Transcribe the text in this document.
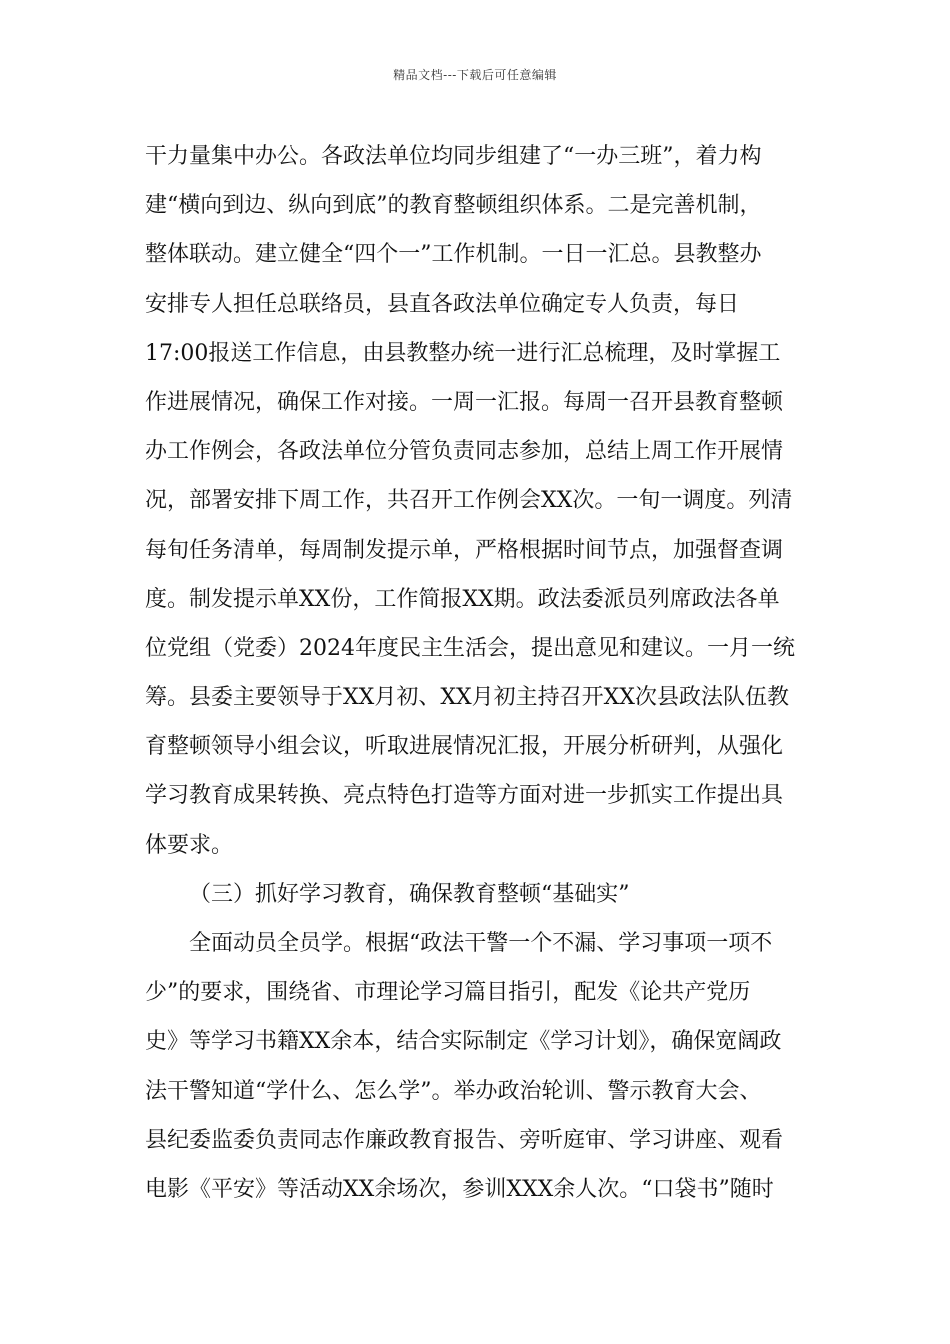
精品文档---下载后可任意编辑
干力量集中办公。各政法单位均同步组建了“一办三班”，着力构
建“横向到边、纵向到底”的教育整顿组织体系。二是完善机制，
整体联动。建立健全“四个一”工作机制。一日一汇总。县教整办
安排专人担任总联络员，县直各政法单位确定专人负责，每日
17:00报送工作信息，由县教整办统一进行汇总梳理，及时掌握工
作进展情况，确保工作对接。一周一汇报。每周一召开县教育整顿
办工作例会，各政法单位分管负责同志参加，总结上周工作开展情
况，部署安排下周工作，共召开工作例会XX次。一旬一调度。列清
每旬任务清单，每周制发提示单，严格根据时间节点，加强督查调
度。制发提示单XX份，工作简报XX期。政法委派员列席政法各单
位党组（党委）2024年度民主生活会，提出意见和建议。一月一统
筹。县委主要领导于XX月初、XX月初主持召开XX次县政法队伍教
育整顿领导小组会议，听取进展情况汇报，开展分析研判，从强化
学习教育成果转换、亮点特色打造等方面对进一步抓实工作提出具
体要求。
（三）抓好学习教育，确保教育整顿“基础实”
全面动员全员学。根据“政法干警一个不漏、学习事项一项不
少”的要求，围绕省、市理论学习篇目指引，配发《论共产党历
史》等学习书籍XX余本，结合实际制定《学习计划》，确保宽阔政
法干警知道“学什么、怎么学”。举办政治轮训、警示教育大会、
县纪委监委负责同志作廉政教育报告、旁听庭审、学习讲座、观看
电影《平安》等活动XX余场次，参训XXX余人次。“口袋书”随时
